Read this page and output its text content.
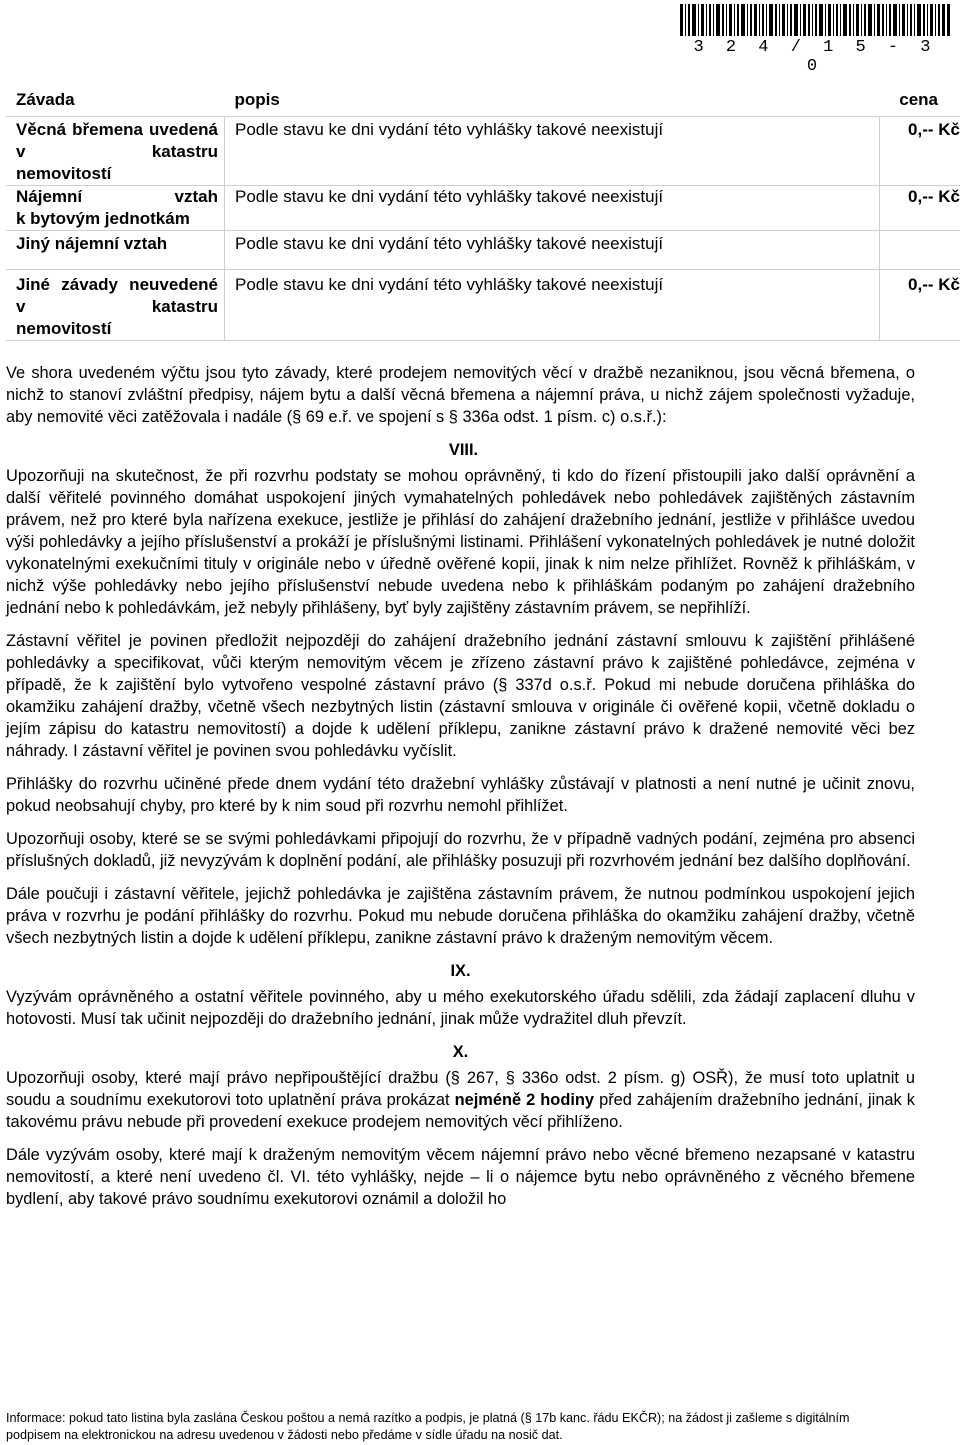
3 2 4 / 1 5 - 3 0
Závada	popis	cena
Věcná břemena uvedená v katastru
nemovitostí	Podle stavu ke dni vydání této vyhlášky takové neexistují	0,-- Kč
Nájemní vztah
k bytovým jednotkám	Podle stavu ke dni vydání této vyhlášky takové neexistují	0,-- Kč

Jiný nájemní vztah	Podle stavu ke dni vydání této vyhlášky takové neexistují	
Jiné závady neuvedené v katastru
nemovitostí	Podle stavu ke dni vydání této vyhlášky takové neexistují	0,-- Kč

Ve shora uvedeném výčtu jsou tyto závady, které prodejem nemovitých věcí v dražbě nezaniknou, jsou věcná břemena, o nichž to stanoví zvláštní předpisy, nájem bytu a další věcná břemena a nájemní práva, u nichž zájem společnosti vyžaduje, aby nemovité věci zatěžovala i nadále (§ 69 e.ř. ve spojení s § 336a odst. 1 písm. c) o.s.ř.):

VIII.

Upozorňuji na skutečnost, že při rozvrhu podstaty se mohou oprávněný, ti kdo do řízení přistoupili jako další oprávnění a další věřitelé povinného domáhat uspokojení jiných vymahatelných pohledávek nebo pohledávek zajištěných zástavním právem, než pro které byla nařízena exekuce, jestliže je přihlásí do zahájení dražebního jednání, jestliže v přihlášce uvedou výši pohledávky a jejího příslušenství a prokáží je příslušnými listinami. Přihlášení vykonatelných pohledávek je nutné doložit vykonatelnými exekučními tituly v originále nebo v úředně ověřené kopii, jinak k nim nelze přihlížet. Rovněž k přihláškám, v nichž výše pohledávky nebo jejího příslušenství nebude uvedena nebo k přihláškám podaným po zahájení dražebního jednání nebo k pohledávkám, jež nebyly přihlášeny, byť byly zajištěny zástavním právem, se nepřihlíží.

Zástavní věřitel je povinen předložit nejpozději do zahájení dražebního jednání zástavní smlouvu k zajištění přihlášené pohledávky a specifikovat, vůči kterým nemovitým věcem je zřízeno zástavní právo k zajištěné pohledávce, zejména v případě, že k zajištění bylo vytvořeno vespolné zástavní právo (§ 337d o.s.ř. Pokud mi nebude doručena přihláška do okamžiku zahájení dražby, včetně všech nezbytných listin (zástavní smlouva v originále či ověřené kopii, včetně dokladu o jejím zápisu do katastru nemovitostí) a dojde k udělení příklepu, zanikne zástavní právo k dražené nemovité věci bez náhrady. I zástavní věřitel je povinen svou pohledávku vyčíslit.

Přihlášky do rozvrhu učiněné přede dnem vydání této dražební vyhlášky zůstávají v platnosti a není nutné je učinit znovu, pokud neobsahují chyby, pro které by k nim soud při rozvrhu nemohl přihlížet.

Upozorňuji osoby, které se se svými pohledávkami připojují do rozvrhu, že v případně vadných podání, zejména pro absenci příslušných dokladů, již nevyzývám k doplnění podání, ale přihlášky posuzuji při rozvrhovém jednání bez dalšího doplňování.

Dále poučuji i zástavní věřitele, jejichž pohledávka je zajištěna zástavním právem, že nutnou podmínkou uspokojení jejich práva v rozvrhu je podání přihlášky do rozvrhu. Pokud mu nebude doručena přihláška do okamžiku zahájení dražby, včetně všech nezbytných listin a dojde k udělení příklepu, zanikne zástavní právo k draženým nemovitým věcem.

IX.

Vyzývám oprávněného a ostatní věřitele povinného, aby u mého exekutorského úřadu sdělili, zda žádají zaplacení dluhu v hotovosti. Musí tak učinit nejpozději do dražebního jednání, jinak může vydražitel dluh převzít.

X.

Upozorňuji osoby, které mají právo nepřipouštějící dražbu (§ 267, § 336o odst. 2 písm. g) OSŘ), že musí toto uplatnit u soudu a soudnímu exekutorovi toto uplatnění práva prokázat nejméně 2 hodiny před zahájením dražebního jednání, jinak k takovému právu nebude při provedení exekuce prodejem nemovitých věcí přihlíženo.

Dále vyzývám osoby, které mají k draženým nemovitým věcem nájemní právo nebo věcné břemeno nezapsané v katastru nemovitostí, a které není uvedeno čl. VI. této vyhlášky, nejde – li o nájemce bytu nebo oprávněného z věcného břemene bydlení, aby takové právo soudnímu exekutorovi oznámil a doložil ho

Informace: pokud tato listina byla zaslána Českou poštou a nemá razítko a podpis, je platná (§ 17b kanc. řádu EKČR); na žádost ji zašleme s digitálním podpisem na elektronickou na adresu uvedenou v žádosti nebo předáme v sídle úřadu na nosič dat.
